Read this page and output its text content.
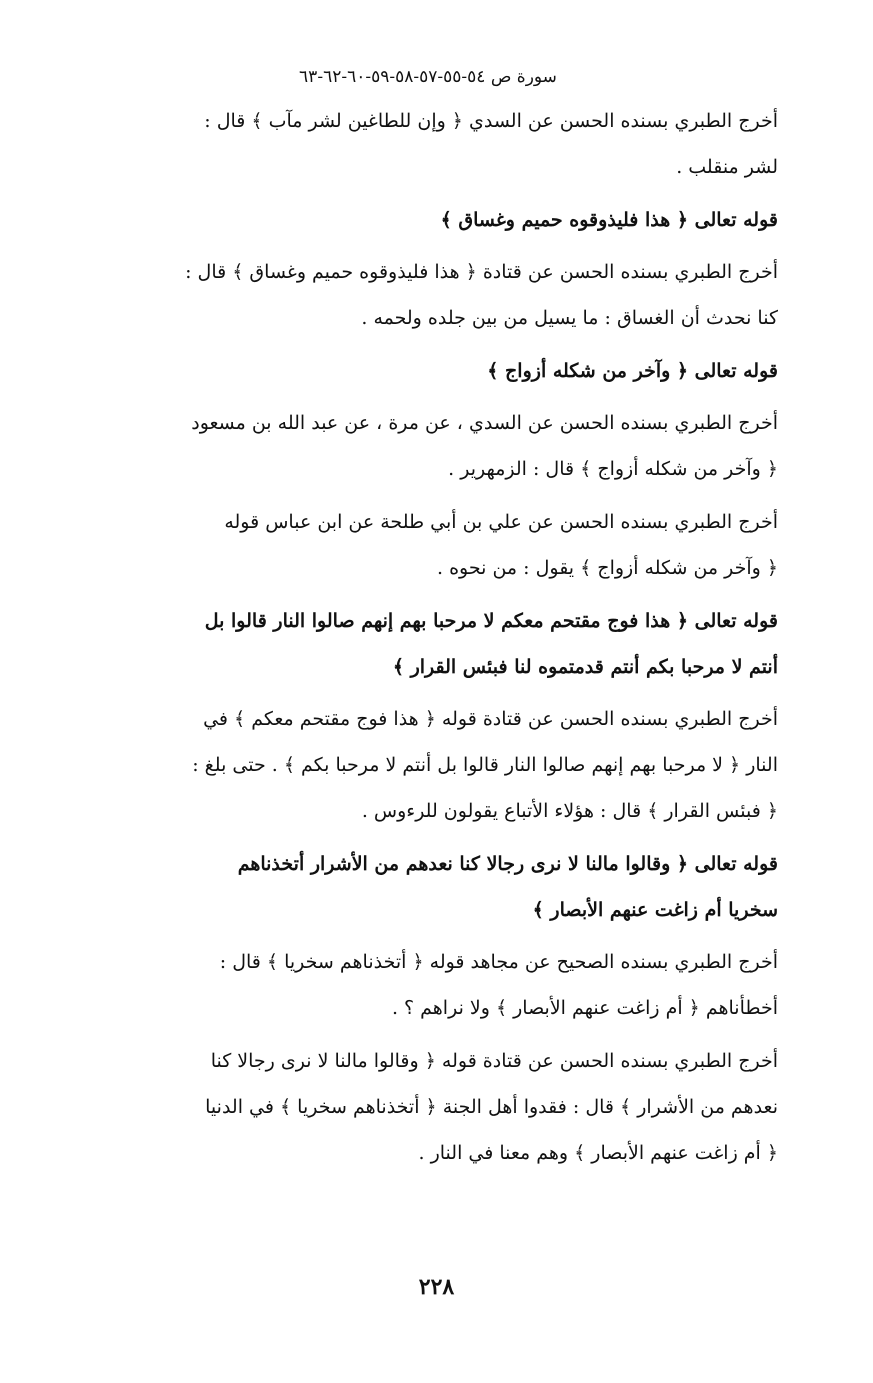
سورة ص ٥٤-٥٥-٥٧-٥٨-٥٩-٦٠-٦٢-٦٣
أخرج الطبري بسنده الحسن عن السدي ﴿ وإن للطاغين لشر مآب ﴾ قال :
لشر منقلب .
قوله تعالى ﴿ هذا فليذوقوه حميم وغساق ﴾
أخرج الطبري بسنده الحسن عن قتادة ﴿ هذا فليذوقوه حميم وغساق ﴾ قال :
كنا نحدث أن الغساق : ما يسيل من بين جلده ولحمه .
قوله تعالى ﴿ وآخر من شكله أزواج ﴾
أخرج الطبري بسنده الحسن عن السدي ، عن مرة ، عن عبد الله بن مسعود
﴿ وآخر من شكله أزواج ﴾ قال : الزمهرير .
أخرج الطبري بسنده الحسن عن علي بن أبي طلحة عن ابن عباس قوله
﴿ وآخر من شكله أزواج ﴾ يقول : من نحوه .
قوله تعالى ﴿ هذا فوج مقتحم معكم لا مرحبا بهم إنهم صالوا النار قالوا بل
أنتم لا مرحبا بكم أنتم قدمتموه لنا فبئس القرار ﴾
أخرج الطبري بسنده الحسن عن قتادة قوله ﴿ هذا فوج مقتحم معكم ﴾ في
النار ﴿ لا مرحبا بهم إنهم صالوا النار قالوا بل أنتم لا مرحبا بكم ﴾ . حتى بلغ :
﴿ فبئس القرار ﴾ قال : هؤلاء الأتباع يقولون للرءوس .
قوله تعالى ﴿ وقالوا مالنا لا نرى رجالا كنا نعدهم من الأشرار أتخذناهم
سخريا أم زاغت عنهم الأبصار ﴾
أخرج الطبري بسنده الصحيح عن مجاهد قوله ﴿ أتخذناهم سخريا ﴾ قال :
أخطأناهم ﴿ أم زاغت عنهم الأبصار ﴾ ولا نراهم ؟ .
أخرج الطبري بسنده الحسن عن قتادة قوله ﴿ وقالوا مالنا لا نرى رجالا كنا
نعدهم من الأشرار ﴾ قال : فقدوا أهل الجنة ﴿ أتخذناهم سخريا ﴾ في الدنيا
﴿ أم زاغت عنهم الأبصار ﴾ وهم معنا في النار .
٢٢٨
